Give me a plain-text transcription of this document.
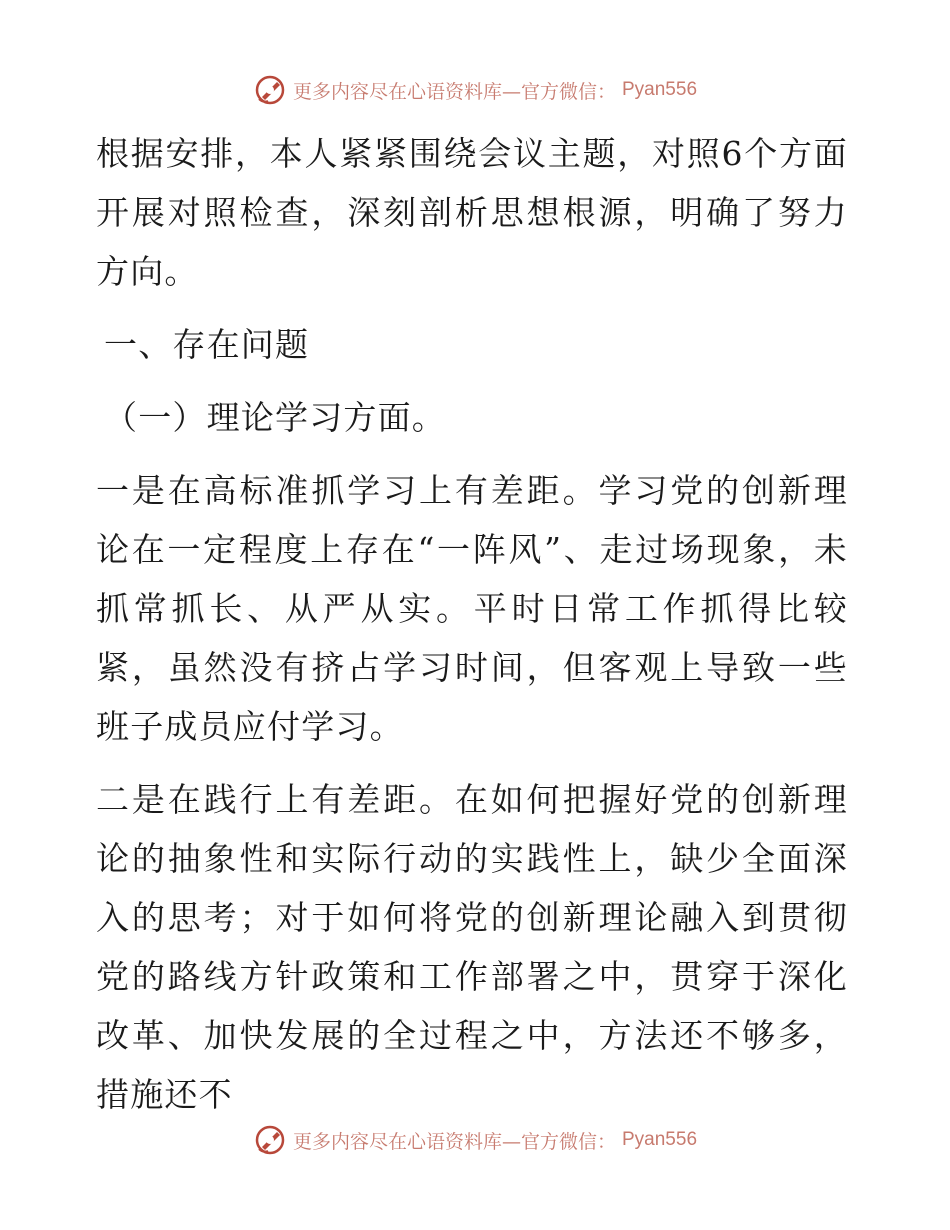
更多内容尽在心语资料库—官方微信： Pyan556

根据安排，本人紧紧围绕会议主题，对照6个方面开展对照检查，深刻剖析思想根源，明确了努力方向。

一、存在问题

（一）理论学习方面。

一是在高标准抓学习上有差距。学习党的创新理论在一定程度上存在“一阵风”、走过场现象，未抓常抓长、从严从实。平时日常工作抓得比较紧，虽然没有挤占学习时间，但客观上导致一些班子成员应付学习。

二是在践行上有差距。在如何把握好党的创新理论的抽象性和实际行动的实践性上，缺少全面深入的思考；对于如何将党的创新理论融入到贯彻党的路线方针政策和工作部署之中，贯穿于深化改革、加快发展的全过程之中，方法还不够多，措施还不

更多内容尽在心语资料库—官方微信： Pyan556
